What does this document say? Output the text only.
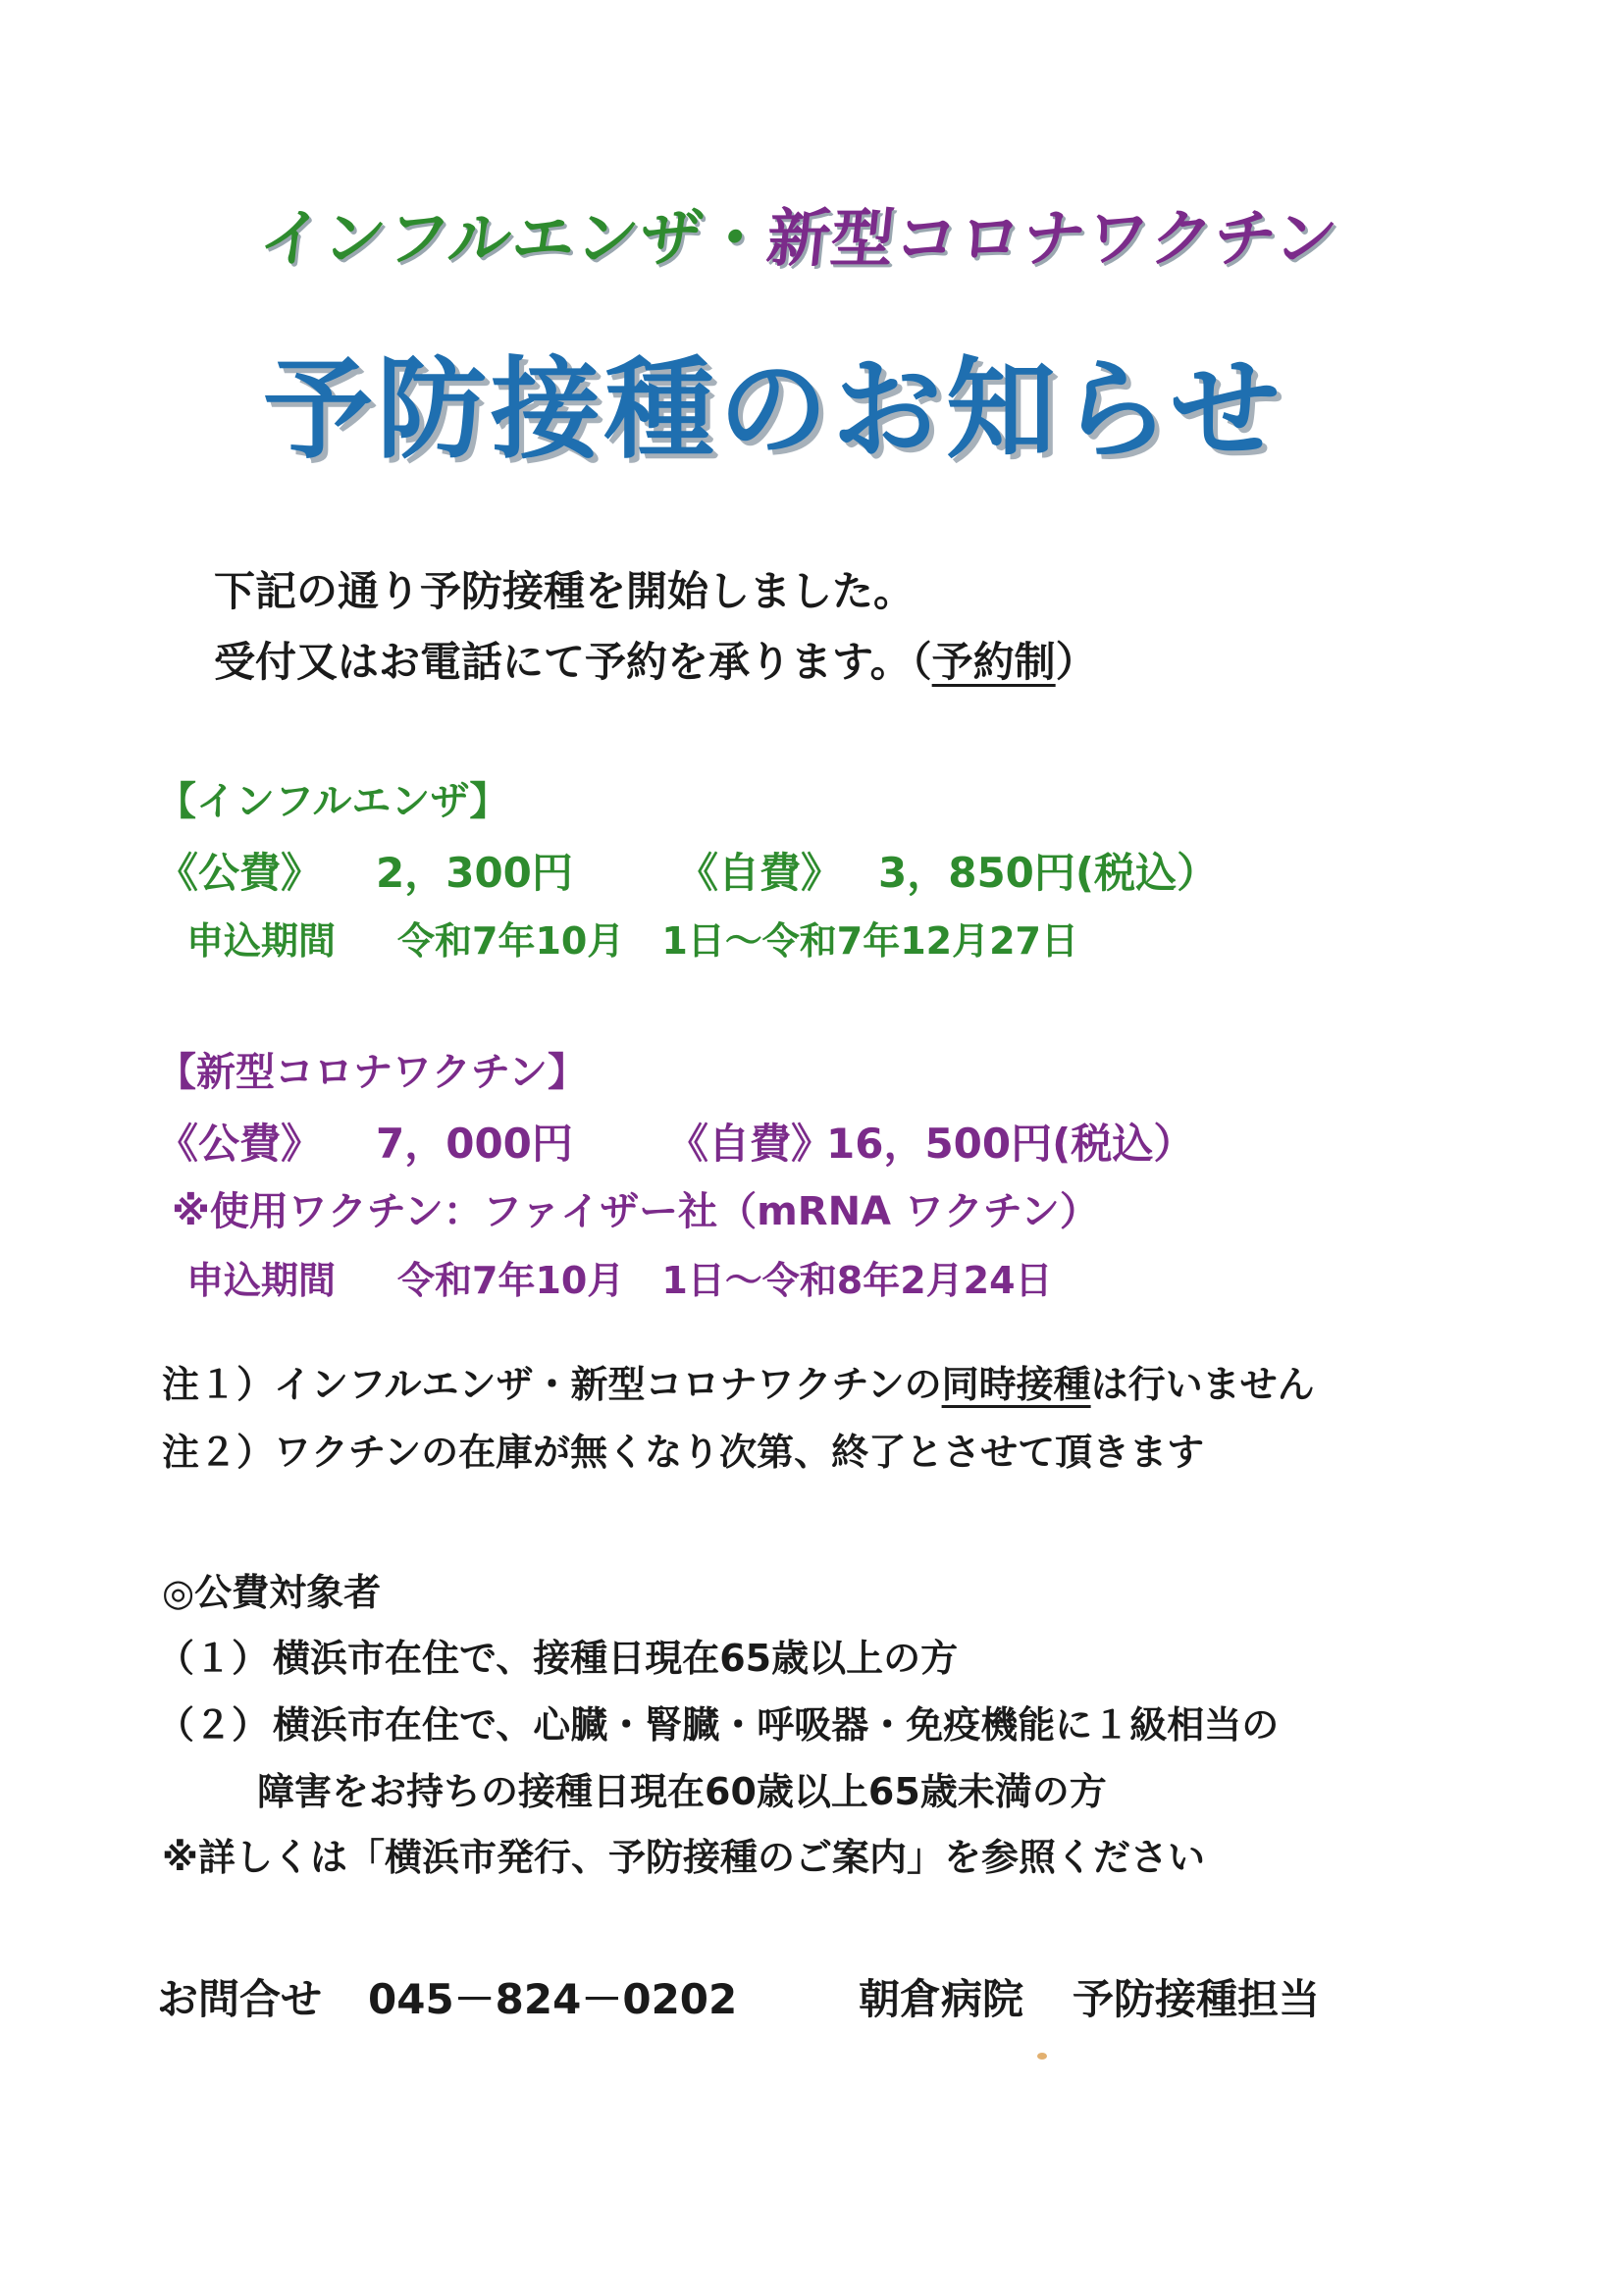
インフルエンザ・新型コロナワクチン
予防接種のお知らせ
下記の通り予防接種を開始しました。
受付又はお電話にて予約を承ります。（予約制）
【インフルエンザ】
《公費》 2，300円	《自費》 3，850円(税込）
申込期間 令和7年10月　1日～令和7年12月27日
【新型コロナワクチン】
《公費》 7，000円 《自費》
16，500円(税込）
※使用ワクチン：ファイザー社（mRNA ワクチン）
申込期間 令和7年10月　1日～令和8年2月24日
注１）インフルエンザ・新型コロナワクチンの同時接種は行いません
注２）ワクチンの在庫が無くなり次第、終了とさせて頂きます
◎公費対象者
（１） 横浜市在住で、接種日現在65歳以上の方
（２） 横浜市在住で、心臓・腎臓・呼吸器・免疫機能に１級相当の
障害をお持ちの接種日現在60歳以上65歳未満の方
※詳しくは「横浜市発行、予防接種のご案内」を参照ください
お問合せ 045－824－0202	朝倉病院 予防接種担当
